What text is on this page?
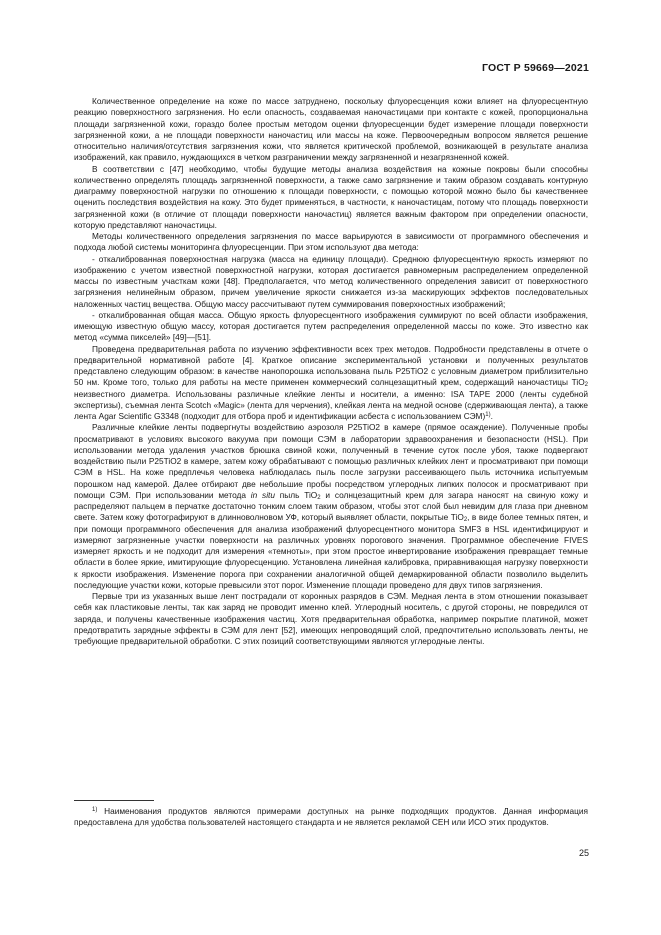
ГОСТ Р 59669—2021

Количественное определение на коже по массе затруднено, поскольку флуоресценция кожи влияет на флуоресцентную реакцию поверхностного загрязнения. Но если опасность, создаваемая наночастицами при контакте с кожей, пропорциональна площади загрязненной кожи, гораздо более простым методом оценки флуоресценции будет измерение площади поверхности загрязненной кожи, а не площади поверхности наночастиц или массы на коже. Первоочередным вопросом является решение относительно наличия/отсутствия загрязнения кожи, что является критической проблемой, возникающей в результате анализа изображений, как правило, нуждающихся в четком разграничении между загрязненной и незагрязненной кожей.

В соответствии с [47] необходимо, чтобы будущие методы анализа воздействия на кожные покровы были способны количественно определять площадь загрязненной поверхности, а также само загрязнение и таким образом создавать контурную диаграмму поверхностной нагрузки по отношению к площади поверхности, с помощью которой можно было бы качественнее оценить последствия воздействия на кожу. Это будет применяться, в частности, к наночастицам, потому что площадь поверхности загрязненной кожи (в отличие от площади поверхности наночастиц) является важным фактором при определении опасности, которую представляют наночастицы.

Методы количественного определения загрязнения по массе варьируются в зависимости от программного обеспечения и подхода любой системы мониторинга флуоресценции. При этом используют два метода:

- откалиброванная поверхностная нагрузка (масса на единицу площади). Среднюю флуоресцентную яркость измеряют по изображению с учетом известной поверхностной нагрузки, которая достигается равномерным распределением определенной массы по известным участкам кожи [48]. Предполагается, что метод количественного определения зависит от поверхностного загрязнения нелинейным образом, причем увеличение яркости снижается из-за маскирующих эффектов последовательных наложенных частиц вещества. Общую массу рассчитывают путем суммирования поверхностных изображений;

- откалиброванная общая масса. Общую яркость флуоресцентного изображения суммируют по всей области изображения, имеющую известную общую массу, которая достигается путем распределения определенной массы по коже. Это известно как метод «сумма пикселей» [49]—[51].

Проведена предварительная работа по изучению эффективности всех трех методов. Подробности представлены в отчете о предварительной нормативной работе [4]. Краткое описание экспериментальной установки и полученных результатов представлено следующим образом: в качестве нанопорошка использована пыль P25TiO2 с условным диаметром приблизительно 50 нм. Кроме того, только для работы на месте применен коммерческий солнцезащитный крем, содержащий наночастицы TiO$_2$ неизвестного диаметра. Использованы различные клейкие ленты и носители, а именно: ISA TAPE 2000 (ленты судебной экспертизы), съемная лента Scotch «Magic» (лента для черчения), клейкая лента на медной основе (сдерживающая лента), а также лента Agar Scientific G3348 (подходит для отбора проб и идентификации асбеста с использованием СЭМ)$^{1)}$.

Различные клейкие ленты подвергнуты воздействию аэрозоля P25TiO2 в камере (прямое осаждение). Полученные пробы просматривают в условиях высокого вакуума при помощи СЭМ в лаборатории здравоохранения и безопасности (HSL). При использовании метода удаления участков брюшка свиной кожи, полученный в течение суток после убоя, также подвергают воздействию пыли P25TiO2 в камере, затем кожу обрабатывают с помощью различных клейких лент и просматривают при помощи СЭМ в HSL. На коже предплечья человека наблюдалась пыль после загрузки рассеивающего пыль источника испытуемым порошком над камерой. Далее отбирают две небольшие пробы посредством углеродных липких полосок и просматривают при помощи СЭМ. При использовании метода in situ пыль TiO$_2$ и солнцезащитный крем для загара наносят на свиную кожу и распределяют пальцем в перчатке достаточно тонким слоем таким образом, чтобы этот слой был невидим для глаза при дневном свете. Затем кожу фотографируют в длинноволновом УФ, который выявляет области, покрытые TiO$_2$, в виде более темных пятен, и при помощи программного обеспечения для анализа изображений флуоресцентного монитора SMF3 в HSL идентифицируют и измеряют загрязненные участки поверхности на различных уровнях порогового значения. Программное обеспечение FIVES измеряет яркость и не подходит для измерения «темноты», при этом простое инвертирование изображения превращает темные области в более яркие, имитирующие флуоресценцию. Установлена линейная калибровка, приравнивающая нагрузку поверхности к яркости изображения. Изменение порога при сохранении аналогичной общей демаркированной области позволило выделить последующие участки кожи, которые превысили этот порог. Изменение площади проведено для двух типов загрязнения.

Первые три из указанных выше лент пострадали от коронных разрядов в СЭМ. Медная лента в этом отношении показывает себя как пластиковые ленты, так как заряд не проводит именно клей. Углеродный носитель, с другой стороны, не повредился от заряда, и получены качественные изображения частиц. Хотя предварительная обработка, например покрытие платиной, может предотвратить зарядные эффекты в СЭМ для лент [52], имеющих непроводящий слой, предпочтительно использовать ленты, не требующие предварительной обработки. С этих позиций соответствующими являются углеродные ленты.

$^{1)}$ Наименования продуктов являются примерами доступных на рынке подходящих продуктов. Данная информация предоставлена для удобства пользователей настоящего стандарта и не является рекламой СЕН или ИСО этих продуктов.
25
